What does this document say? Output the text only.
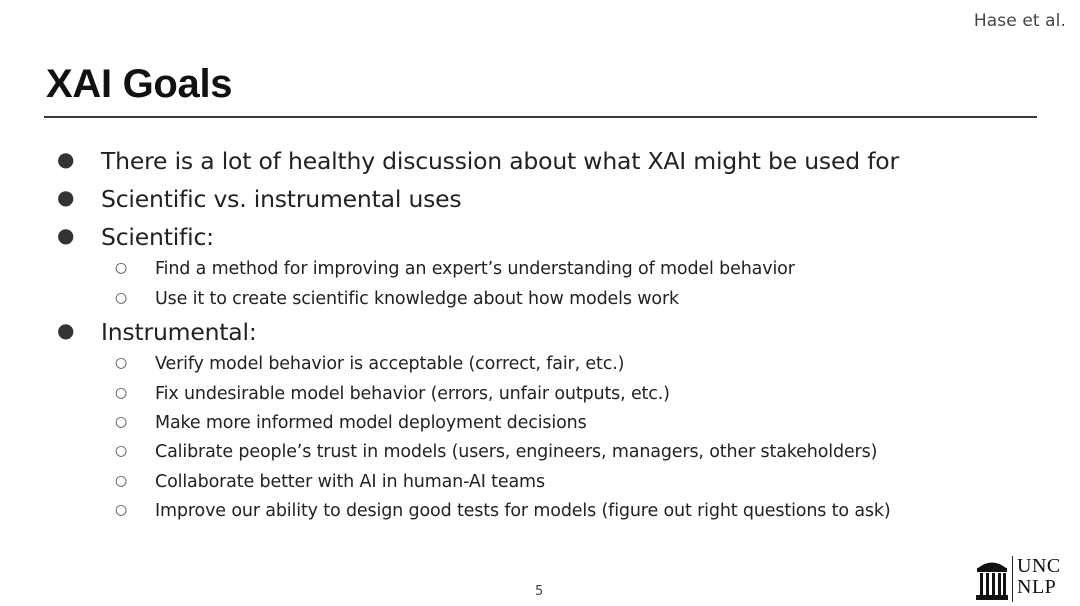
Hase et al.
XAI Goals
● There is a lot of healthy discussion about what XAI might be used for
● Scientific vs. instrumental uses
● Scientific:
○ Find a method for improving an expert’s understanding of model behavior
○ Use it to create scientific knowledge about how models work
● Instrumental:
○ Verify model behavior is acceptable (correct, fair, etc.)
○ Fix undesirable model behavior (errors, unfair outputs, etc.)
○ Make more informed model deployment decisions
○ Calibrate people’s trust in models (users, engineers, managers, other stakeholders)
○ Collaborate better with AI in human-AI teams
○ Improve our ability to design good tests for models (figure out right questions to ask)
5
UNC
NLP
